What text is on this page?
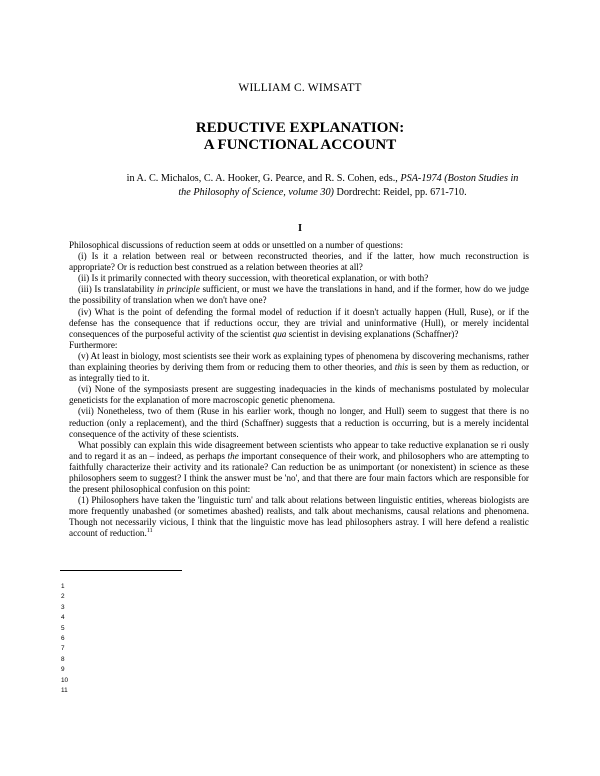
WILLIAM C. WIMSATT
REDUCTIVE EXPLANATION:
A FUNCTIONAL ACCOUNT
in A. C. Michalos, C. A. Hooker, G. Pearce, and R. S. Cohen, eds., PSA-1974 (Boston Studies in the Philosophy of Science, volume 30) Dordrecht: Reidel, pp. 671-710.
I

Philosophical discussions of reduction seem at odds or unsettled on a number of questions:

(i) Is it a relation between real or between reconstructed theories, and if the latter, how much reconstruction is appropriate? Or is reduction best construed as a relation between theories at all?

(ii) Is it primarily connected with theory succession, with theoretical explanation, or with both?

(iii) Is translatability in principle sufficient, or must we have the translations in hand, and if the former, how do we judge the possibility of translation when we don't have one?

(iv) What is the point of defending the formal model of reduction if it doesn't actually happen (Hull, Ruse), or if the defense has the consequence that if reductions occur, they are trivial and uninformative (Hull), or merely incidental consequences of the purposeful activity of the scientist qua scientist in devising explanations (Schaffner)?

Furthermore:

(v) At least in biology, most scientists see their work as explaining types of phenomena by discovering mechanisms, rather than explaining theories by deriving them from or reducing them to other theories, and this is seen by them as reduction, or as integrally tied to it.

(vi) None of the symposiasts present are suggesting inadequacies in the kinds of mechanisms postulated by molecular geneticists for the explanation of more macroscopic genetic phenomena.

(vii) Nonetheless, two of them (Ruse in his earlier work, though no longer, and Hull) seem to suggest that there is no reduction (only a replacement), and the third (Schaffner) suggests that a reduction is occurring, but is a merely incidental consequence of the activity of these scientists.

What possibly can explain this wide disagreement between scientists who appear to take reductive explanation se ri ously and to regard it as an – indeed, as perhaps the important consequence of their work, and philosophers who are attempting to faithfully characterize their activity and its rationale? Can reduction be as unimportant (or nonexistent) in science as these philosophers seem to suggest? I think the answer must be 'no', and that there are four main factors which are responsible for the present philosophical confusion on this point:

(1) Philosophers have taken the 'linguistic turn' and talk about relations between linguistic entities, whereas biologists are more frequently unabashed (or sometimes abashed) realists, and talk about mechanisms, causal relations and phenomena. Though not necessarily vicious, I think that the linguistic move has lead philosophers astray. I will here defend a realistic account of reduction.$^{11}$

1
2
3
4
5
6
7
8
9
10
11
